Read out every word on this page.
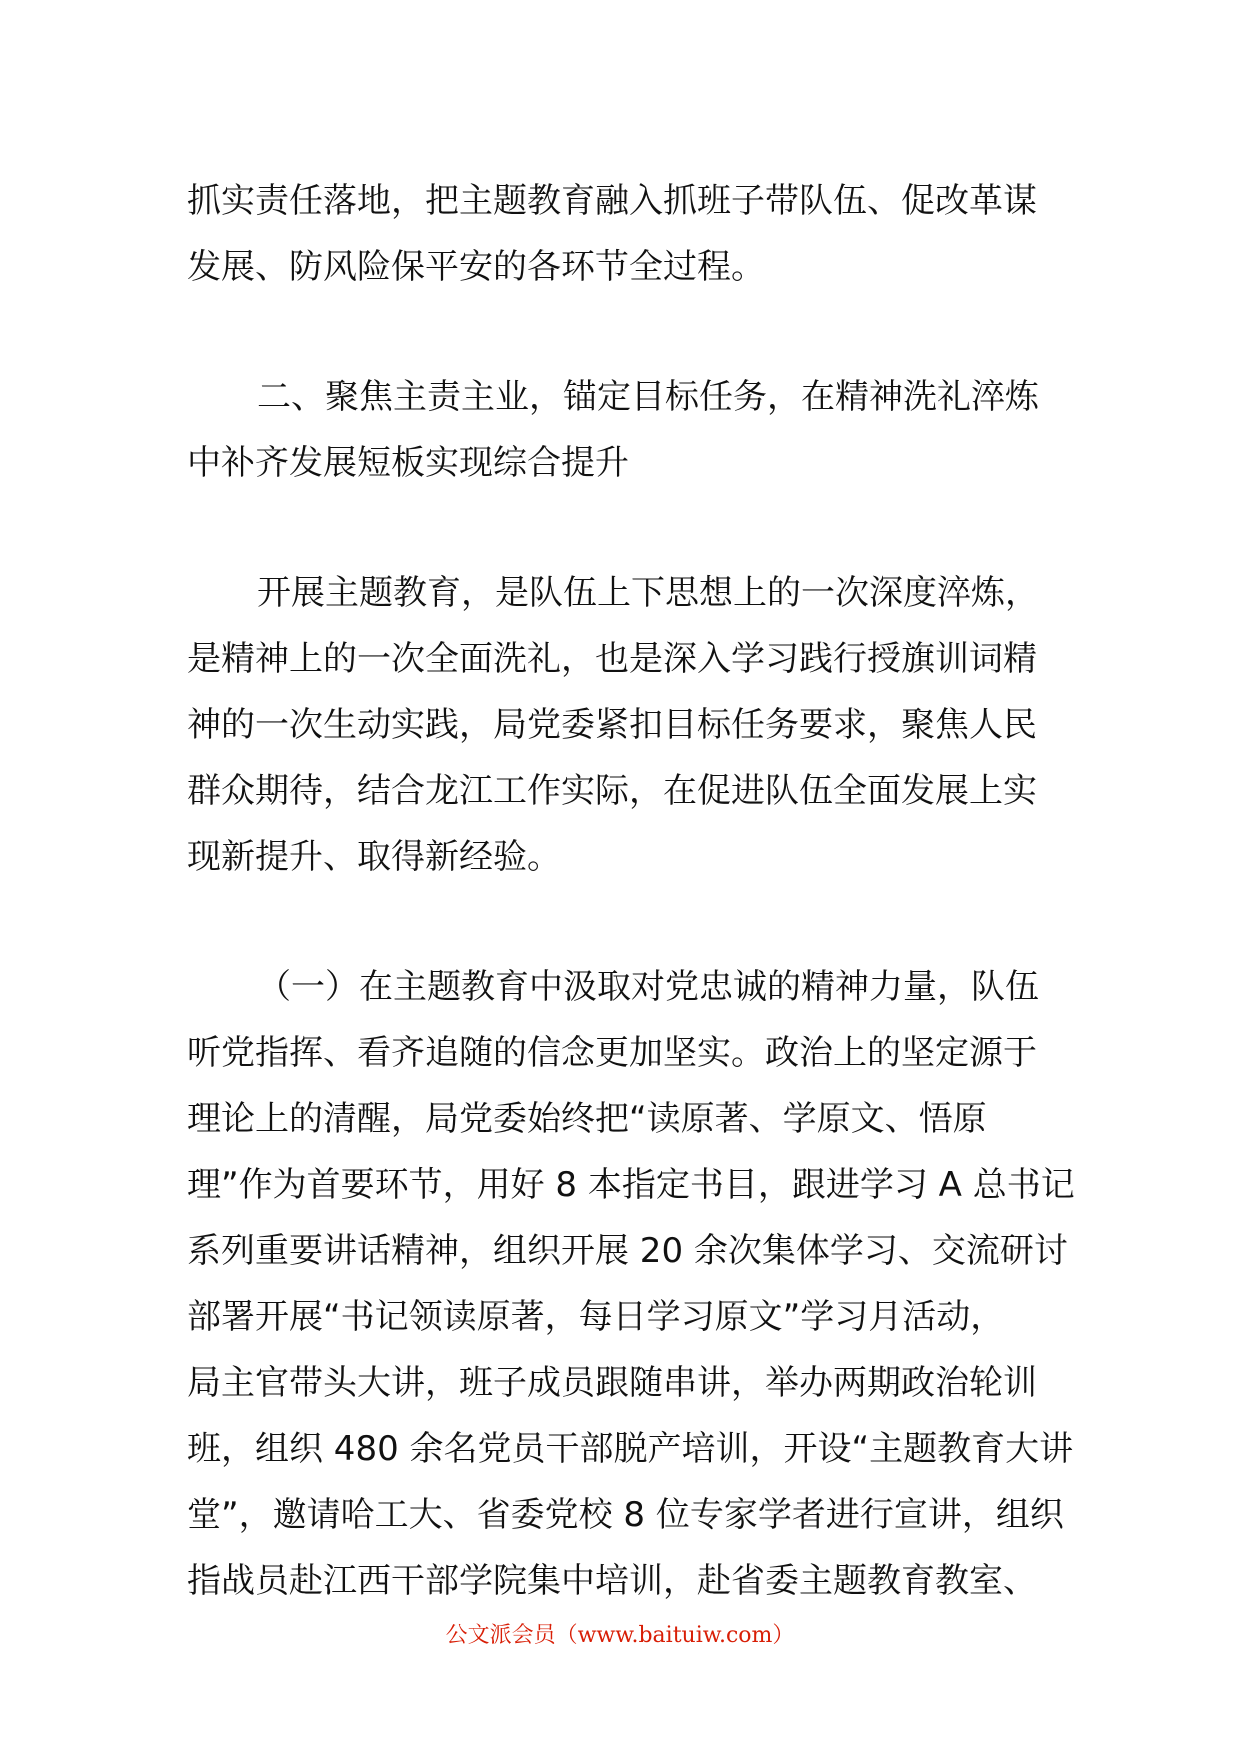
抓实责任落地，把主题教育融入抓班子带队伍、促改革谋
发展、防风险保平安的各环节全过程。
二、聚焦主责主业，锚定目标任务，在精神洗礼淬炼
中补齐发展短板实现综合提升
开展主题教育，是队伍上下思想上的一次深度淬炼，
是精神上的一次全面洗礼，也是深入学习践行授旗训词精
神的一次生动实践，局党委紧扣目标任务要求，聚焦人民
群众期待，结合龙江工作实际，在促进队伍全面发展上实
现新提升、取得新经验。
（一）在主题教育中汲取对党忠诚的精神力量，队伍
听党指挥、看齐追随的信念更加坚实。政治上的坚定源于
理论上的清醒，局党委始终把“读原著、学原文、悟原
理”作为首要环节，用好 8 本指定书目，跟进学习 A 总书记
系列重要讲话精神，组织开展 20 余次集体学习、交流研讨
部署开展“书记领读原著，每日学习原文”学习月活动，
局主官带头大讲，班子成员跟随串讲，举办两期政治轮训
班，组织 480 余名党员干部脱产培训，开设“主题教育大讲
堂”，邀请哈工大、省委党校 8 位专家学者进行宣讲，组织
指战员赴江西干部学院集中培训，赴省委主题教育教室、
公文派会员（www.baituiw.com）
